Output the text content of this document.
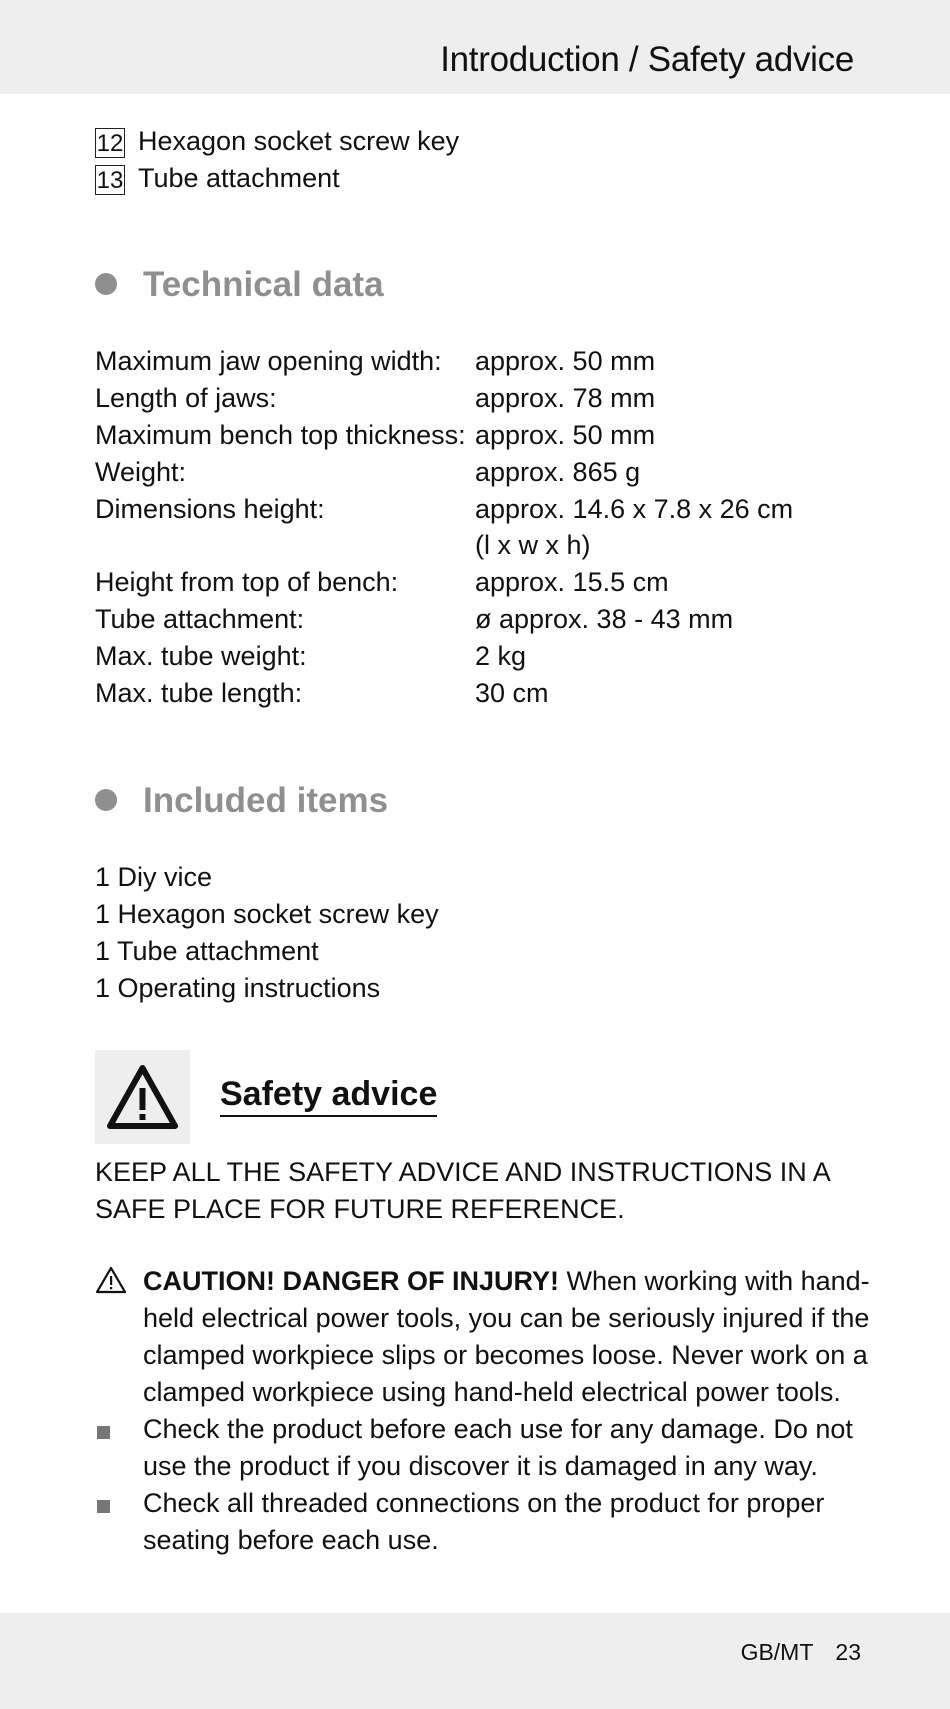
Introduction / Safety advice
12 Hexagon socket screw key
13 Tube attachment
Technical data
Maximum jaw opening width: approx. 50 mm
Length of jaws:	approx. 78 mm
Maximum bench top thickness: approx. 50 mm
Weight:	approx. 865 g
Dimensions height:	approx. 14.6 x 7.8 x 26 cm
(l x w x h)
Height from top of bench:	approx. 15.5 cm
Tube attachment:	ø approx. 38 - 43 mm
Max. tube weight:	2 kg
Max. tube length:	30 cm
Included items
1 Diy vice
1 Hexagon socket screw key
1 Tube attachment
1 Operating instructions
Safety advice
KEEP ALL THE SAFETY ADVICE AND INSTRUCTIONS IN A
SAFE PLACE FOR FUTURE REFERENCE.
CAUTION! DANGER OF INJURY! When working with hand-held electrical power tools, you can be seriously injured if the clamped workpiece slips or becomes loose. Never work on a clamped workpiece using hand-held electrical power tools.
Check the product before each use for any damage. Do not use the product if you discover it is damaged in any way.
Check all threaded connections on the product for proper seating before each use.
GB/MT 23
